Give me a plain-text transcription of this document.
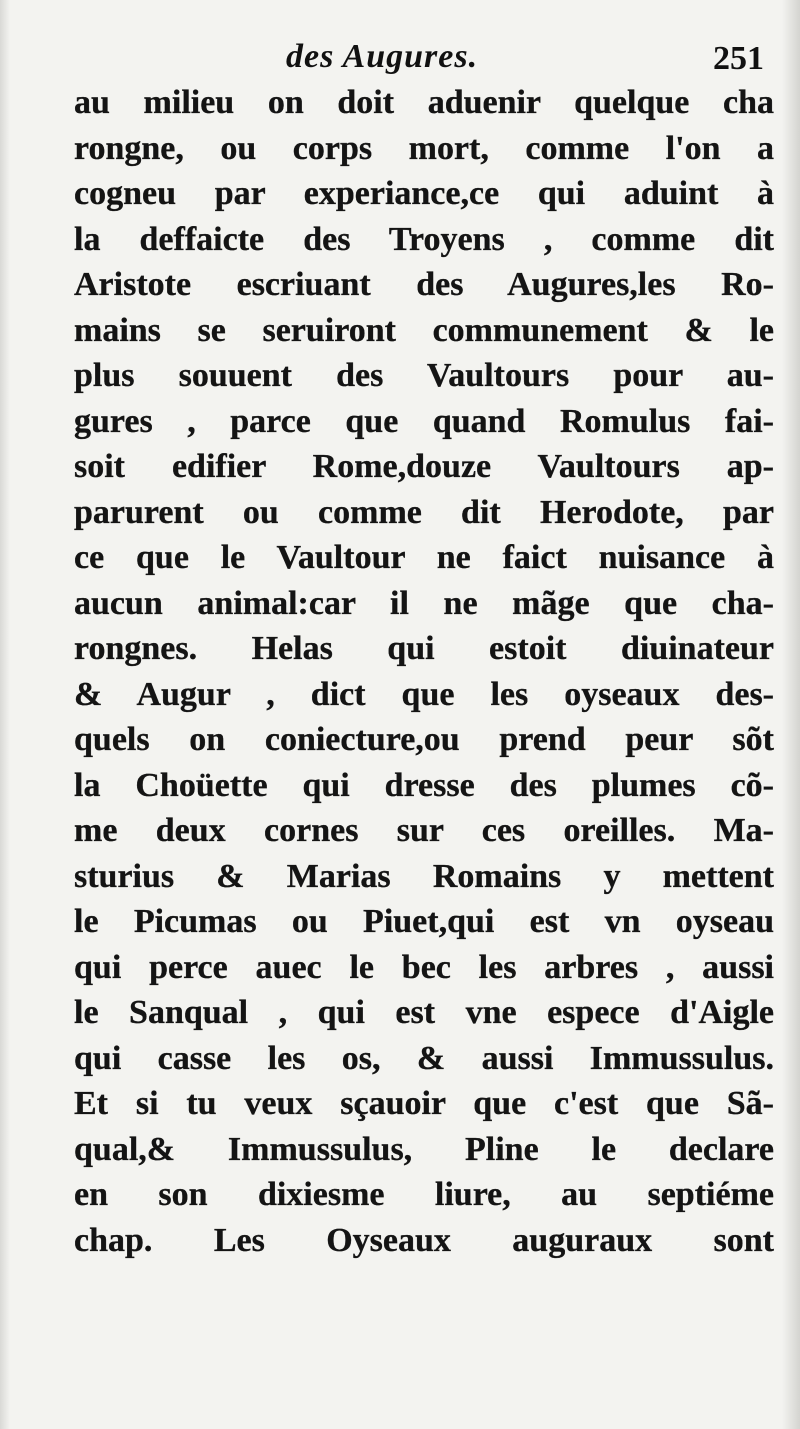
des Augures.	251
au milieu on doit aduenir quelque cha
rongne, ou corps mort, comme l'on a
cogneu par experiance,ce qui aduint à
la deffaicte des Troyens , comme dit
Aristote escriuant des Augures,les Ro-
mains se seruiront communement & le
plus souuent des Vaultours pour au-
gures , parce que quand Romulus fai-
soit edifier Rome,douze Vaultours ap-
parurent ou comme dit Herodote, par
ce que le Vaultour ne faict nuisance à
aucun animal:car il ne mãge que cha-
rongnes. Helas qui estoit diuinateur
& Augur , dict que les oyseaux des-
quels on coniecture,ou prend peur sõt
la Choüette qui dresse des plumes cõ-
me deux cornes sur ces oreilles. Ma-
sturius & Marias Romains y mettent
le Picumas ou Piuet,qui est vn oyseau
qui perce auec le bec les arbres , aussi
le Sanqual , qui est vne espece d'Aigle
qui casse les os, & aussi Immussulus.
Et si tu veux sçauoir que c'est que Sã-
qual,& Immussulus, Pline le declare
en son dixiesme liure, au septiéme
chap. Les Oyseaux auguraux sont
